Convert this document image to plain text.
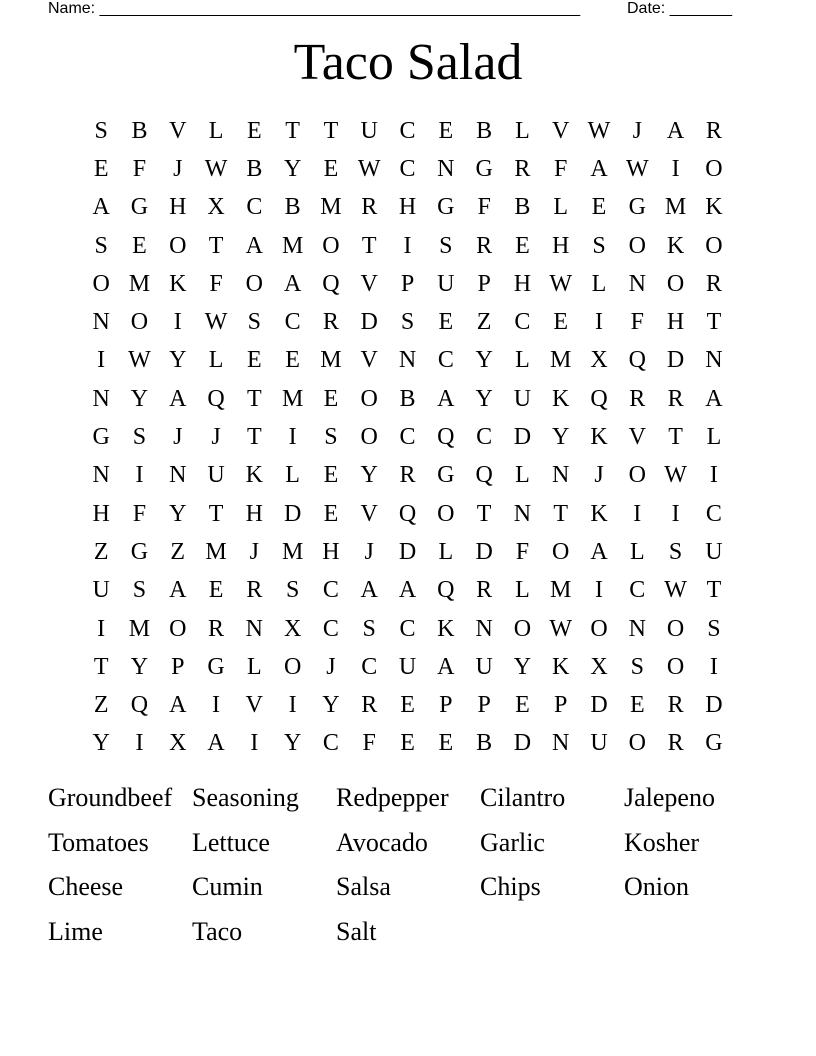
Name: ______________________________________________________	Date: _______
Taco Salad
S B V L E T T U C E B L V W J	A R
E	F	J W B Y E W C N G R F A W I	O
A G H X C B M R H G F B L E G M K
S	E O T A M O T	I	S R E H S O K O
O M K F O A Q V P U P H W L N O R
N O	I W S C R D S	E Z C E	I	F H T
I W Y L E E M V N C Y L M X Q D N
N Y A Q T M E O B A Y U K Q R R A
G S	J	J	T	I	S O C Q C D Y K V T L
N	I	N U K L E Y R G Q L N	J	O W I
H F Y T H D E V Q O T N T K	I	I	C
Z G Z M J M H	J	D L D F O A L	S U
U S A E R S C A A Q R L M I	C W T
I M O R N X C S C K N O W O N O S
T Y P G L O	J	C U A U Y K X S O	I
Z Q A	I	V	I	Y R E	P	P	E	P D E R D
Y	I	X A	I	Y C F	E E B D N U O R G
Groundbeef Seasoning	Redpepper	Cilantro	Jalepeno
Tomatoes	Lettuce	Avocado	Garlic	Kosher
Cheese	Cumin	Salsa	Chips	Onion
Lime	Taco	Salt
